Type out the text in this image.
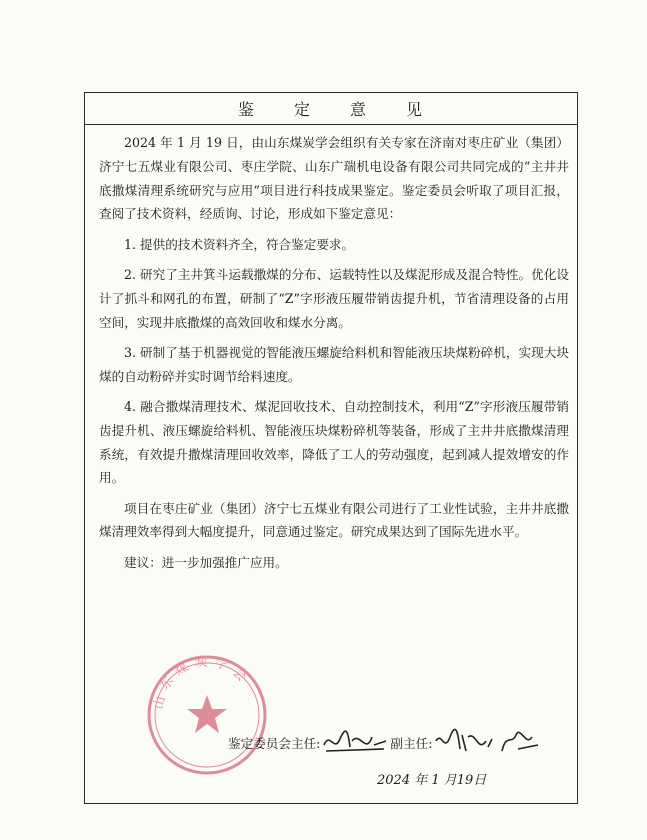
鉴	定	意	见

2024 年 1 月 19 日，由山东煤炭学会组织有关专家在济南对枣庄矿业（集团）济宁七五煤业有限公司、枣庄学院、山东广瑞机电设备有限公司共同完成的“主井井底撒煤清理系统研究与应用”项目进行科技成果鉴定。鉴定委员会听取了项目汇报，查阅了技术资料，经质询、讨论，形成如下鉴定意见：

1. 提供的技术资料齐全，符合鉴定要求。

2. 研究了主井箕斗运载撒煤的分布、运载特性以及煤泥形成及混合特性。优化设计了抓斗和网孔的布置，研制了“Z”字形液压履带销齿提升机，节省清理设备的占用空间，实现井底撒煤的高效回收和煤水分离。

3. 研制了基于机器视觉的智能液压螺旋给料机和智能液压块煤粉碎机，实现大块煤的自动粉碎并实时调节给料速度。

4. 融合撒煤清理技术、煤泥回收技术、自动控制技术，利用“Z”字形液压履带销齿提升机、液压螺旋给料机、智能液压块煤粉碎机等装备，形成了主井井底撒煤清理系统，有效提升撒煤清理回收效率，降低了工人的劳动强度，起到减人提效增安的作用。

项目在枣庄矿业（集团）济宁七五煤业有限公司进行了工业性试验，主井井底撒煤清理效率得到大幅度提升，同意通过鉴定。研究成果达到了国际先进水平。

建议：进一步加强推广应用。

山东煤炭学会
鉴定委员会主任:	副主任:
2024 年 1 月19日
